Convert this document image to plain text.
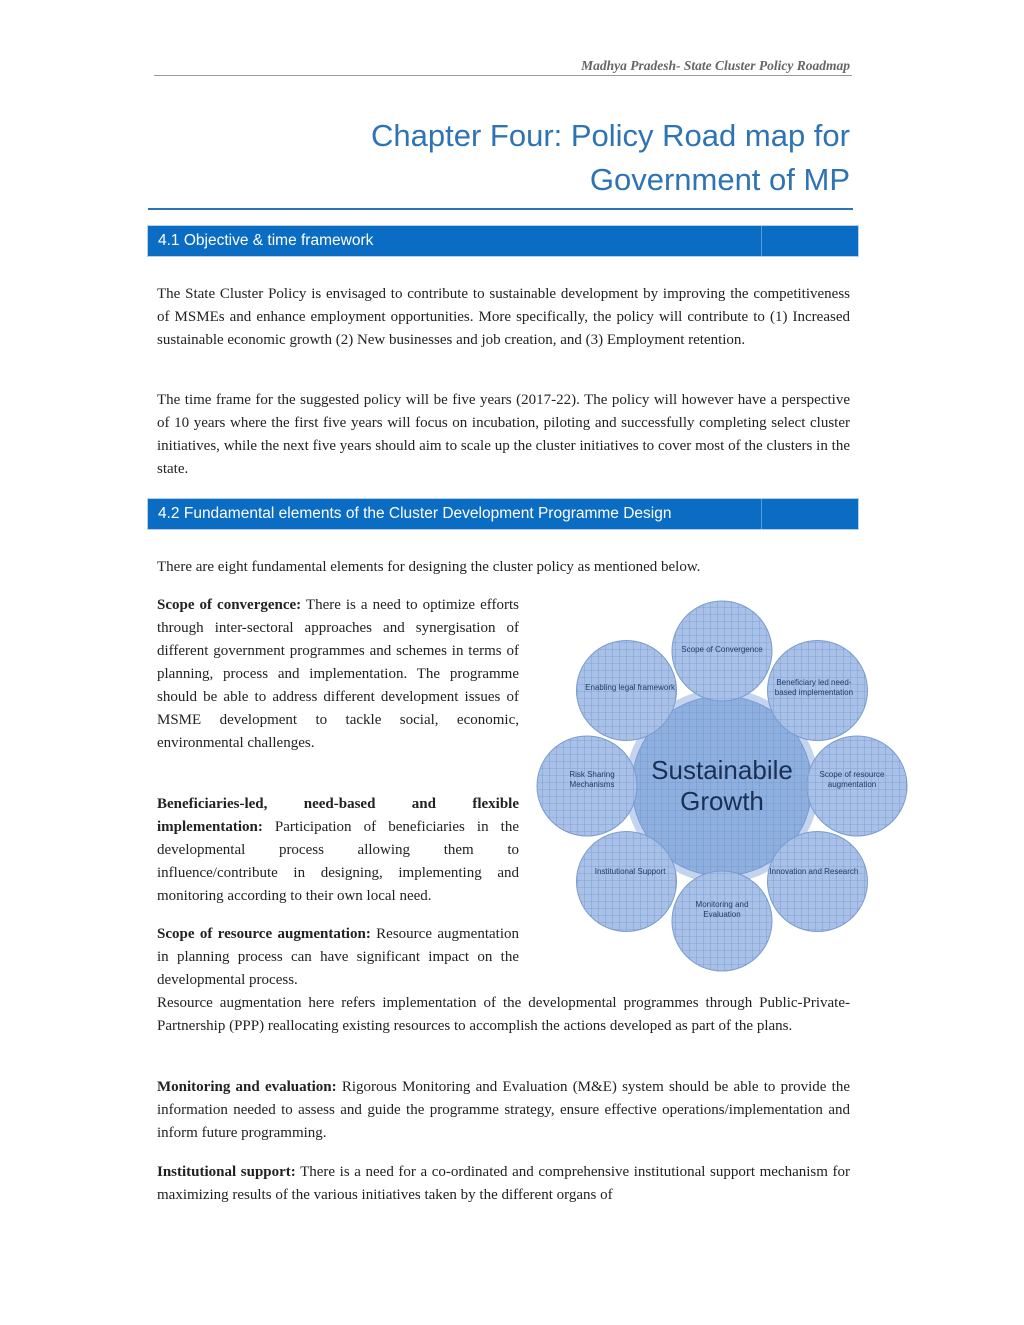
Madhya Pradesh- State Cluster Policy Roadmap
Chapter Four: Policy Road map for
Government of MP
4.1 Objective & time framework
The State Cluster Policy is envisaged to contribute to sustainable development by improving the competitiveness of MSMEs and enhance employment opportunities. More specifically, the policy will contribute to (1) Increased sustainable economic growth (2) New businesses and job creation, and (3) Employment retention.
The time frame for the suggested policy will be five years (2017-22). The policy will however have a perspective of 10 years where the first five years will focus on incubation, piloting and successfully completing select cluster initiatives, while the next five years should aim to scale up the cluster initiatives to cover most of the clusters in the state.
4.2 Fundamental elements of the Cluster Development Programme Design
There are eight fundamental elements for designing the cluster policy as mentioned below.
Scope of convergence: There is a need to optimize efforts through inter-sectoral approaches and synergisation of different government programmes and schemes in terms of planning, process and implementation. The programme should be able to address different development issues of MSME development to tackle social, economic, environmental challenges.
Beneficiaries-led, need-based and flexible implementation: Participation of beneficiaries in the developmental process allowing them to influence/contribute in designing, implementing and monitoring according to their own local need.
Scope of resource augmentation: Resource augmentation in planning process can have significant impact on the developmental process.
Resource augmentation here refers implementation of the developmental programmes through Public-Private-Partnership (PPP) reallocating existing resources to accomplish the actions developed as part of the plans.
Monitoring and evaluation: Rigorous Monitoring and Evaluation (M&E) system should be able to provide the information needed to assess and guide the programme strategy, ensure effective operations/implementation and inform future programming.
Institutional support: There is a need for a co-ordinated and comprehensive institutional support mechanism for maximizing results of the various initiatives taken by the different organs of
Sustainabile Growth
Scope of Convergence
Beneficiary led need-based implementation
Scope of resource augmentation
Innovation and Research
Monitoring and Evaluation
Institutional Support
Risk Sharing Mechanisms
Enabling legal framework
